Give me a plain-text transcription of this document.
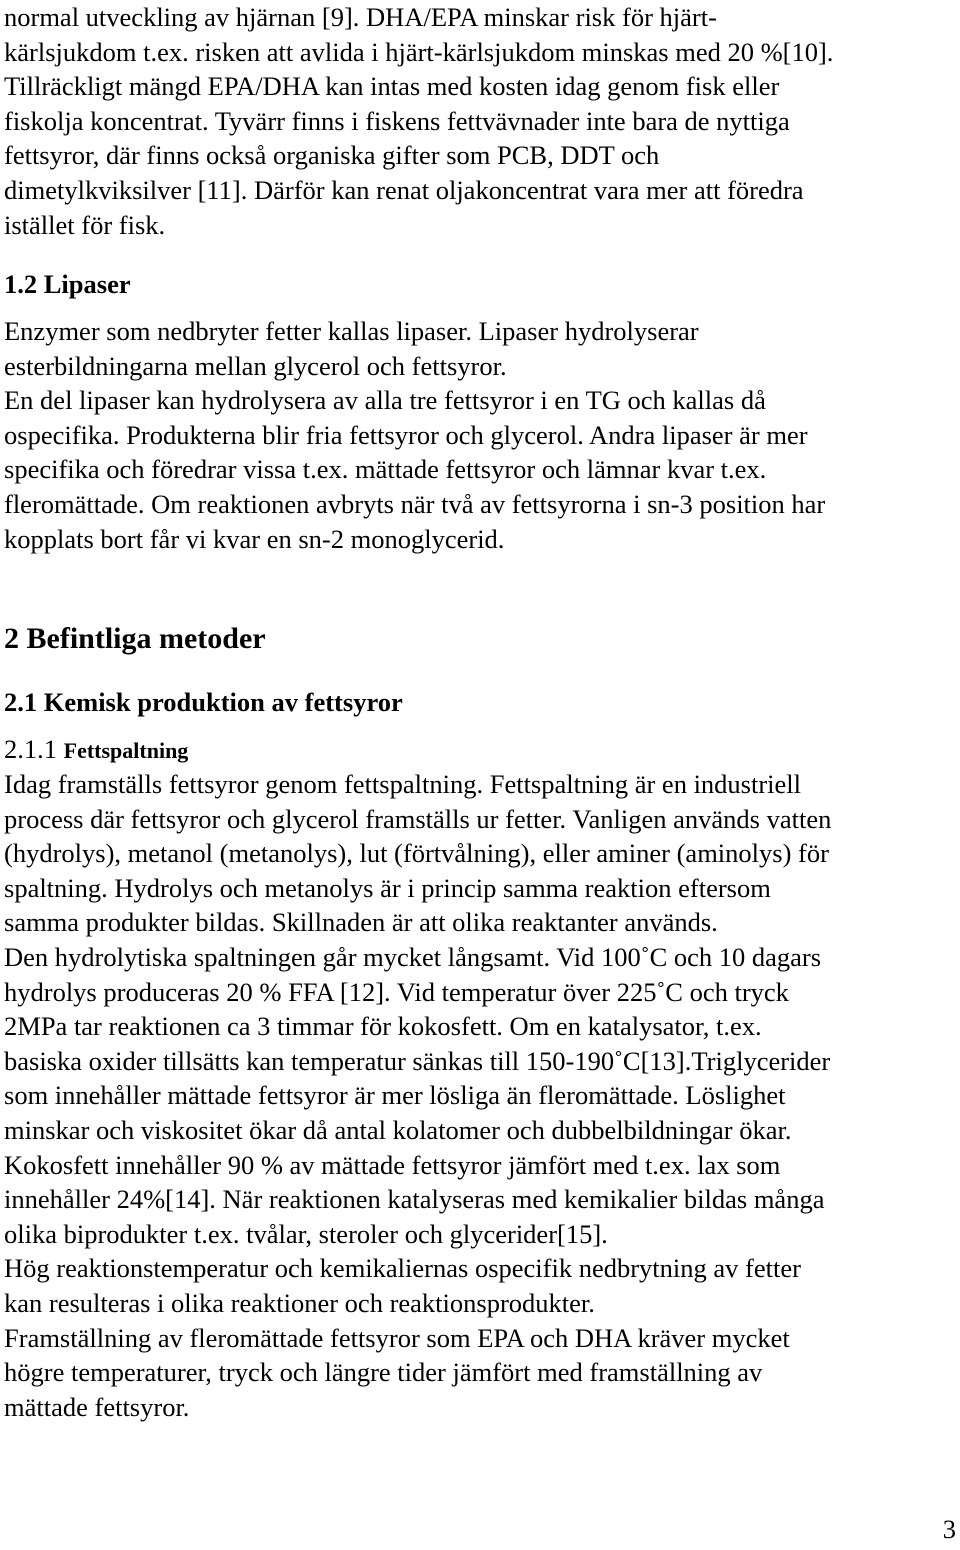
normal utveckling av hjärnan [9]. DHA/EPA minskar risk för hjärt-
kärlsjukdom t.ex. risken att avlida i hjärt-kärlsjukdom minskas med 20 %[10].
Tillräckligt mängd EPA/DHA kan intas med kosten idag genom fisk eller
fiskolja koncentrat. Tyvärr finns i fiskens fettvävnader inte bara de nyttiga
fettsyror, där finns också organiska gifter som PCB, DDT och
dimetylkviksilver [11]. Därför kan renat oljakoncentrat vara mer att föredra
istället för fisk.

1.2 Lipaser

Enzymer som nedbryter fetter kallas lipaser. Lipaser hydrolyserar
esterbildningarna mellan glycerol och fettsyror.
En del lipaser kan hydrolysera av alla tre fettsyror i en TG och kallas då
ospecifika. Produkterna blir fria fettsyror och glycerol. Andra lipaser är mer
specifika och föredrar vissa t.ex. mättade fettsyror och lämnar kvar t.ex.
fleromättade. Om reaktionen avbryts när två av fettsyrorna i sn-3 position har
kopplats bort får vi kvar en sn-2 monoglycerid.

2 Befintliga metoder
2.1 Kemisk produktion av fettsyror
2.1.1 Fettspaltning

Idag framställs fettsyror genom fettspaltning. Fettspaltning är en industriell
process där fettsyror och glycerol framställs ur fetter. Vanligen används vatten
(hydrolys), metanol (metanolys), lut (förtvålning), eller aminer (aminolys) för
spaltning. Hydrolys och metanolys är i princip samma reaktion eftersom
samma produkter bildas. Skillnaden är att olika reaktanter används.
Den hydrolytiska spaltningen går mycket långsamt. Vid 100˚C och 10 dagars
hydrolys produceras 20 % FFA [12]. Vid temperatur över 225˚C och tryck
2MPa tar reaktionen ca 3 timmar för kokosfett. Om en katalysator, t.ex.
basiska oxider tillsätts kan temperatur sänkas till 150-190˚C[13].Triglycerider
som innehåller mättade fettsyror är mer lösliga än fleromättade. Löslighet
minskar och viskositet ökar då antal kolatomer och dubbelbildningar ökar.
Kokosfett innehåller 90 % av mättade fettsyror jämfört med t.ex. lax som
innehåller 24%[14]. När reaktionen katalyseras med kemikalier bildas många
olika biprodukter t.ex. tvålar, steroler och glycerider[15].
Hög reaktionstemperatur och kemikaliernas ospecifik nedbrytning av fetter
kan resulteras i olika reaktioner och reaktionsprodukter.
Framställning av fleromättade fettsyror som EPA och DHA kräver mycket
högre temperaturer, tryck och längre tider jämfört med framställning av
mättade fettsyror.

3
